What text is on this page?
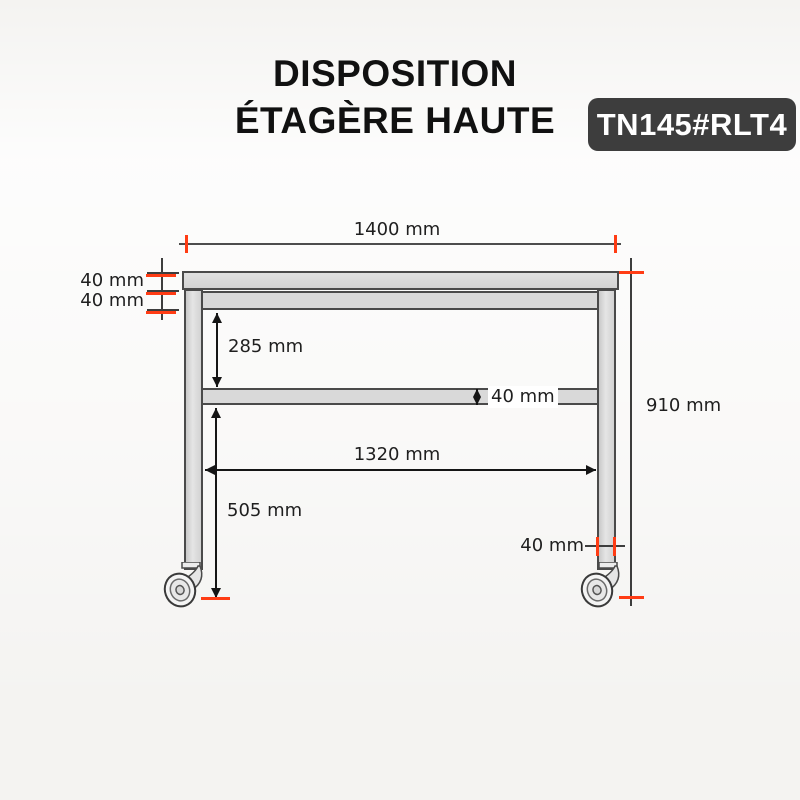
DISPOSITION
ÉTAGÈRE HAUTE	TN145#RLT4
1400 mm
40 mm
40 mm
285 mm
40 mm
1320 mm
505 mm
40 mm
910 mm
